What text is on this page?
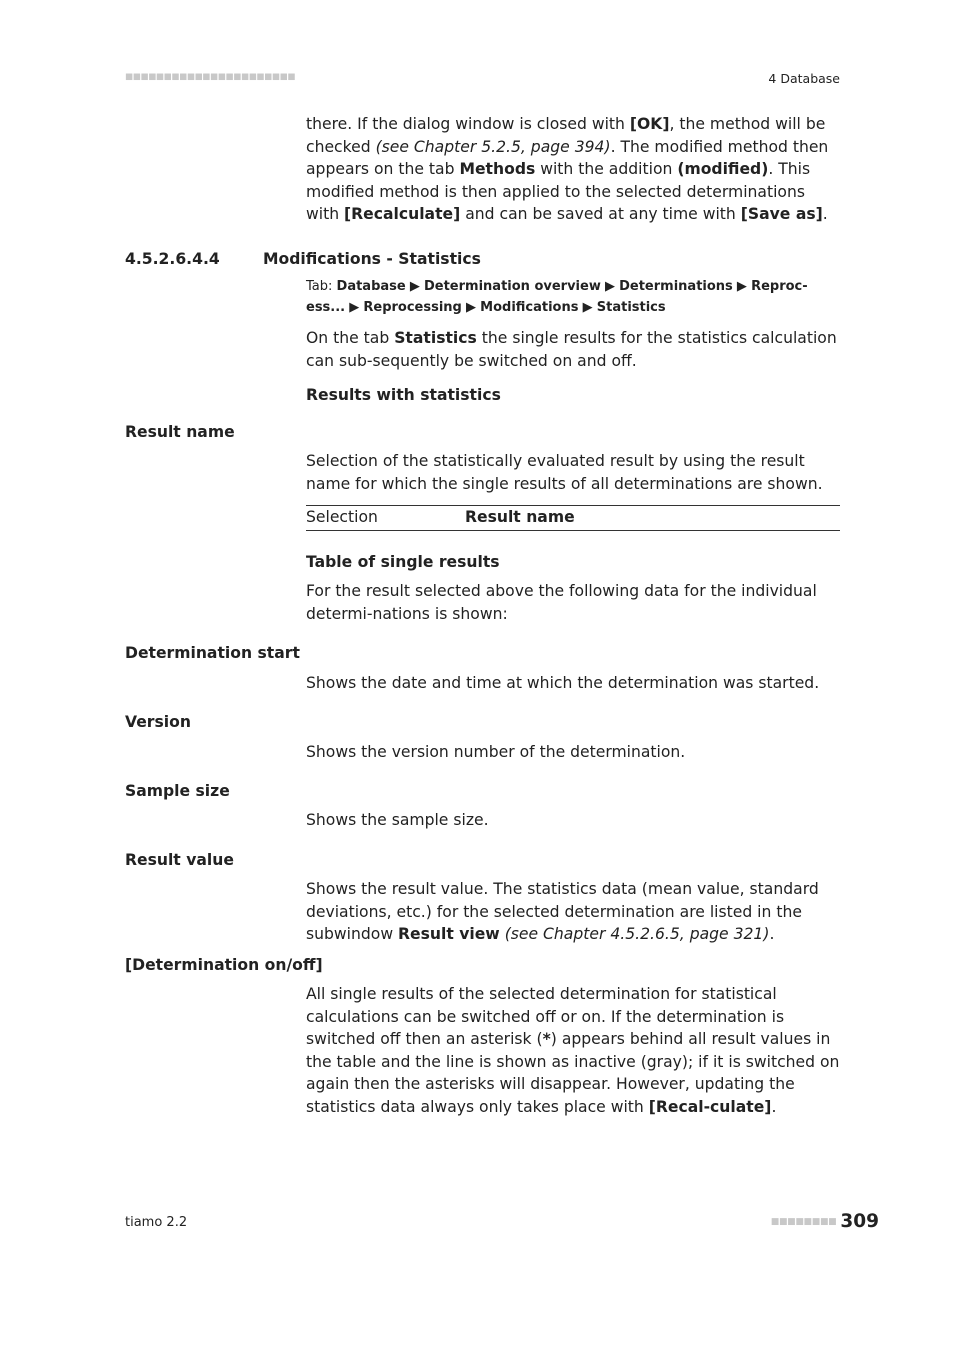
■■■■■■■■■■■■■■■■■■■■■■	4 Database
there. If the dialog window is closed with [OK], the method will be checked (see Chapter 5.2.5, page 394). The modified method then appears on the tab Methods with the addition (modified). This modified method is then applied to the selected determinations with [Recalculate] and can be saved at any time with [Save as].
4.5.2.6.4.4	Modifications - Statistics
Tab: Database ▶ Determination overview ▶ Determinations ▶ Reproc-ess... ▶ Reprocessing ▶ Modifications ▶ Statistics
On the tab Statistics the single results for the statistics calculation can sub-sequently be switched on and off.
Results with statistics
Result name
Selection of the statistically evaluated result by using the result name for which the single results of all determinations are shown.
Selection	Result name
Table of single results
For the result selected above the following data for the individual determi-nations is shown:
Determination start
Shows the date and time at which the determination was started.
Version
Shows the version number of the determination.
Sample size
Shows the sample size.
Result value
Shows the result value. The statistics data (mean value, standard deviations, etc.) for the selected determination are listed in the subwindow Result view (see Chapter 4.5.2.6.5, page 321).
[Determination on/off]
All single results of the selected determination for statistical calculations can be switched off or on. If the determination is switched off then an asterisk (*) appears behind all result values in the table and the line is shown as inactive (gray); if it is switched on again then the asterisks will disappear. However, updating the statistics data always only takes place with [Recal-culate].
tiamo 2.2	■■■■■■■■ 309
